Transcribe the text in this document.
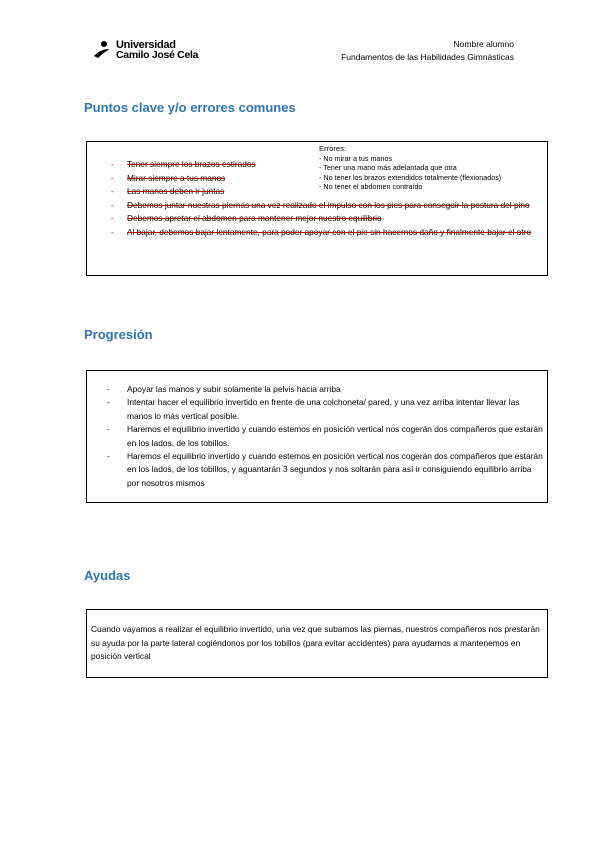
Universidad
Camilo José Cela
Nombre alumno
Fundamentos de las Habilidades Gimnásticas
Puntos clave y/o errores comunes
- Tener siempre los brazos estirados
- Mirar siempre a tus manos
- Las manos deben ir juntas
- Debemos juntar nuestras piernas una vez realizado el impulso con los pies para conseguir la postura del pino
- Debemos apretar el abdomen para mantener mejor nuestro equilibrio
- Al bajar, debemos bajar lentamente, para poder apoyar con el pie sin hacernos daño y finalmente bajar el otro
Errores:
- No mirar a tus manos
- Tener una mano más adelantada que otra
- No tener los brazos extendidos totalmente (flexionados)
- No tener el abdomen contraído
Progresión
- Apoyar las manos y subir solamente la pelvis hacia arriba
- Intentar hacer el equilibrio invertido en frente de una colchoneta/ pared, y una vez arriba intentar llevar las manos lo más vertical posible.
- Haremos el equilibrio invertido y cuando estemos en posición vertical nos cogerán dos compañeros que estarán en los lados, de los tobillos.
- Haremos el equilibrio invertido y cuando estemos en posición vertical nos cogerán dos compañeros que estarán en los lados, de los tobillos, y aguantarán 3 segundos y nos soltarán para así ir consiguiendo equilibrio arriba por nosotros mismos
Ayudas
Cuando vayamos a realizar el equilibrio invertido, una vez que subamos las piernas, nuestros compañeros nos prestarán su ayuda por la parte lateral cogiéndonos por los tobillos (para evitar accidentes) para ayudarnos a mantenemos en posición vertical
